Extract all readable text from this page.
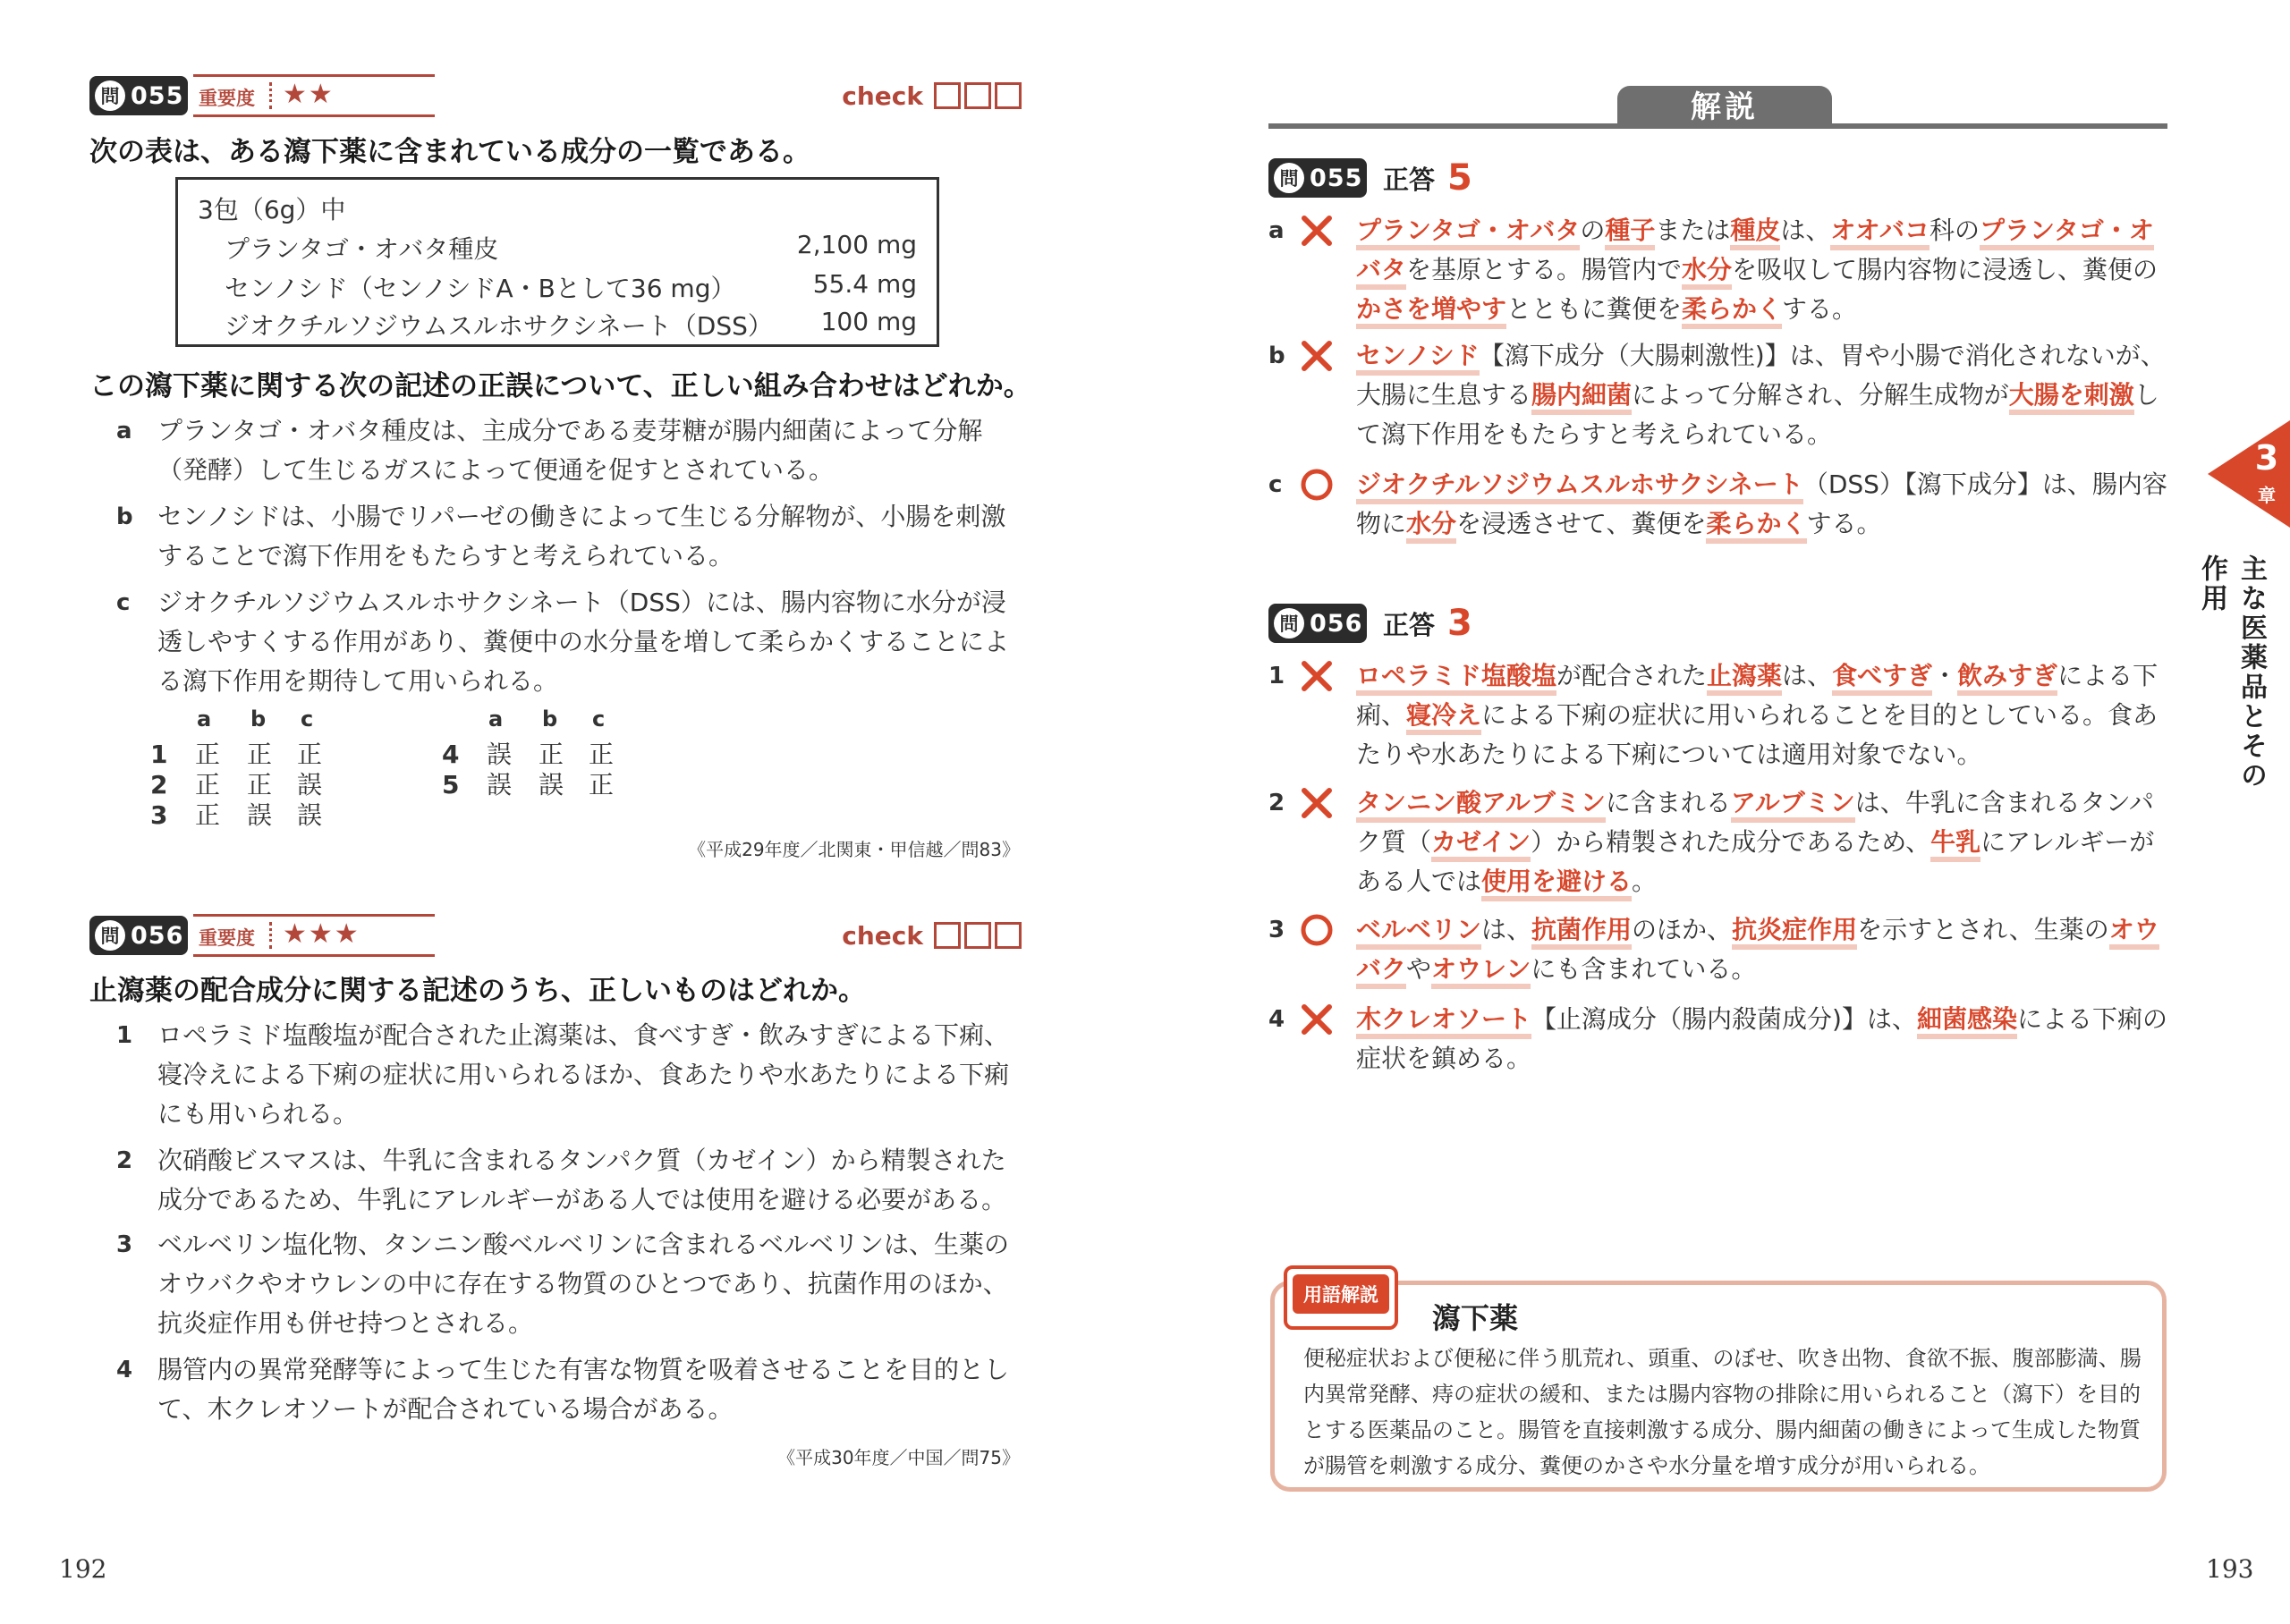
問 055 重要度 ★★	check
次の表は、ある瀉下薬に含まれている成分の一覧である。
3包（6g）中
プランタゴ・オバタ種皮	2,100 mg
センノシド（センノシドA・Bとして36 mg）	55.4 mg
ジオクチルソジウムスルホサクシネート（DSS） 100 mg
この瀉下薬に関する次の記述の正誤について、正しい組み合わせはどれか。
a プランタゴ・オバタ種皮は、主成分である麦芽糖が腸内細菌によって分解（発酵）して生じるガスによって便通を促すとされている。
b センノシドは、小腸でリパーゼの働きによって生じる分解物が、小腸を刺激することで瀉下作用をもたらすと考えられている。
c ジオクチルソジウムスルホサクシネート（DSS）には、腸内容物に水分が浸透しやすくする作用があり、糞便中の水分量を増して柔らかくすることによる瀉下作用を期待して用いられる。
a b c	a b c
1 正 正 正
2 正 正 誤
3 正 誤 誤
4 誤 正 正
5 誤 誤 正
《平成29年度／北関東・甲信越／問83》
問 056 重要度 ★★★	check
止瀉薬の配合成分に関する記述のうち、正しいものはどれか。
1 ロペラミド塩酸塩が配合された止瀉薬は、食べすぎ・飲みすぎによる下痢、寝冷えによる下痢の症状に用いられるほか、食あたりや水あたりによる下痢にも用いられる。
2 次硝酸ビスマスは、牛乳に含まれるタンパク質（カゼイン）から精製された成分であるため、牛乳にアレルギーがある人では使用を避ける必要がある。
3 ベルベリン塩化物、タンニン酸ベルベリンに含まれるベルベリンは、生薬のオウバクやオウレンの中に存在する物質のひとつであり、抗菌作用のほか、抗炎症作用も併せ持つとされる。
4 腸管内の異常発酵等によって生じた有害な物質を吸着させることを目的として、木クレオソートが配合されている場合がある。
《平成30年度／中国／問75》
192
解説
問 055 正答 5
a	プランタゴ・オバタの種子または種皮は、オオバコ科のプランタゴ・オバタを基原とする。腸管内で水分を吸収して腸内容物に浸透し、糞便のかさを増やすとともに糞便を柔らかくする。
b	センノシド【瀉下成分（大腸刺激性)】は、胃や小腸で消化されないが、大腸に生息する腸内細菌によって分解され、分解生成物が大腸を刺激して瀉下作用をもたらすと考えられている。
c ○ ジオクチルソジウムスルホサクシネート（DSS）【瀉下成分】は、腸内容物に水分を浸透させて、糞便を柔らかくする。
問 056 正答 3
1	ロペラミド塩酸塩が配合された止瀉薬は、食べすぎ・飲みすぎによる下痢、寝冷えによる下痢の症状に用いられることを目的としている。食あたりや水あたりによる下痢については適用対象でない。
2	タンニン酸アルブミンに含まれるアルブミンは、牛乳に含まれるタンパク質（カゼイン）から精製された成分であるため、牛乳にアレルギーがある人では使用を避ける。
3 ○ ベルベリンは、抗菌作用のほか、抗炎症作用を示すとされ、生薬のオウバクやオウレンにも含まれている。
4	木クレオソート【止瀉成分（腸内殺菌成分)】は、細菌感染による下痢の症状を鎮める。
3
章
主な医薬品とその作用
用語解説
瀉下薬
便秘症状および便秘に伴う肌荒れ、頭重、のぼせ、吹き出物、食欲不振、腹部膨満、腸内異常発酵、痔の症状の緩和、または腸内容物の排除に用いられること（瀉下）を目的とする医薬品のこと。腸管を直接刺激する成分、腸内細菌の働きによって生成した物質が腸管を刺激する成分、糞便のかさや水分量を増す成分が用いられる。
193
